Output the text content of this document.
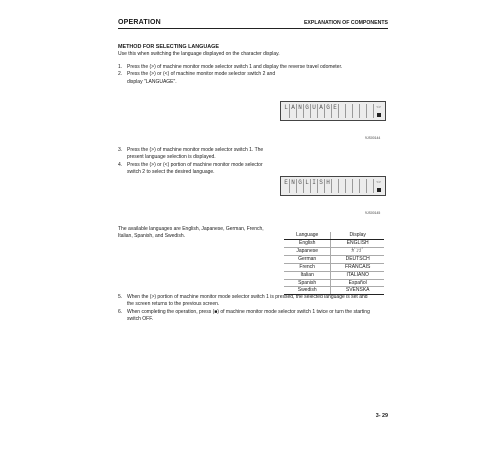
OPERATION	EXPLANATION OF COMPONENTS
METHOD FOR SELECTING LANGUAGE
Use this when switching the language displayed on the character display.
1. Press the (>) of machine monitor mode selector switch 1 and display the reverse travel odometer.
2. Press the (>) or (<) of machine monitor mode selector switch 2 and
display "LANGUAGE".
L A N G U A G E	<>
9JS00144
3. Press the (>) of machine monitor mode selector switch 1. The
present language selection is displayed.
4. Press the (>) or (<) portion of machine monitor mode selector
switch 2 to select the desired language.
E N G L I S H	<>
9JS00145
The available languages are English, Japanese, German, French,
Italian, Spanish, and Swedish.	Language	Display
English	ENGLISH
Japanese	ｶﾞﾝｺﾞ
German	DEUTSCH
French	FRANCAIS
Italian	ITALIANO
Spanish	Español
Swedish	SVENSKA
5. When the (>) portion of machine monitor mode selector switch 1 is pressed, the selected language is set and
the screen returns to the previous screen.
6. When completing the operation, press (■) of machine monitor mode selector switch 1 twice or turn the starting
switch OFF.
3- 29
